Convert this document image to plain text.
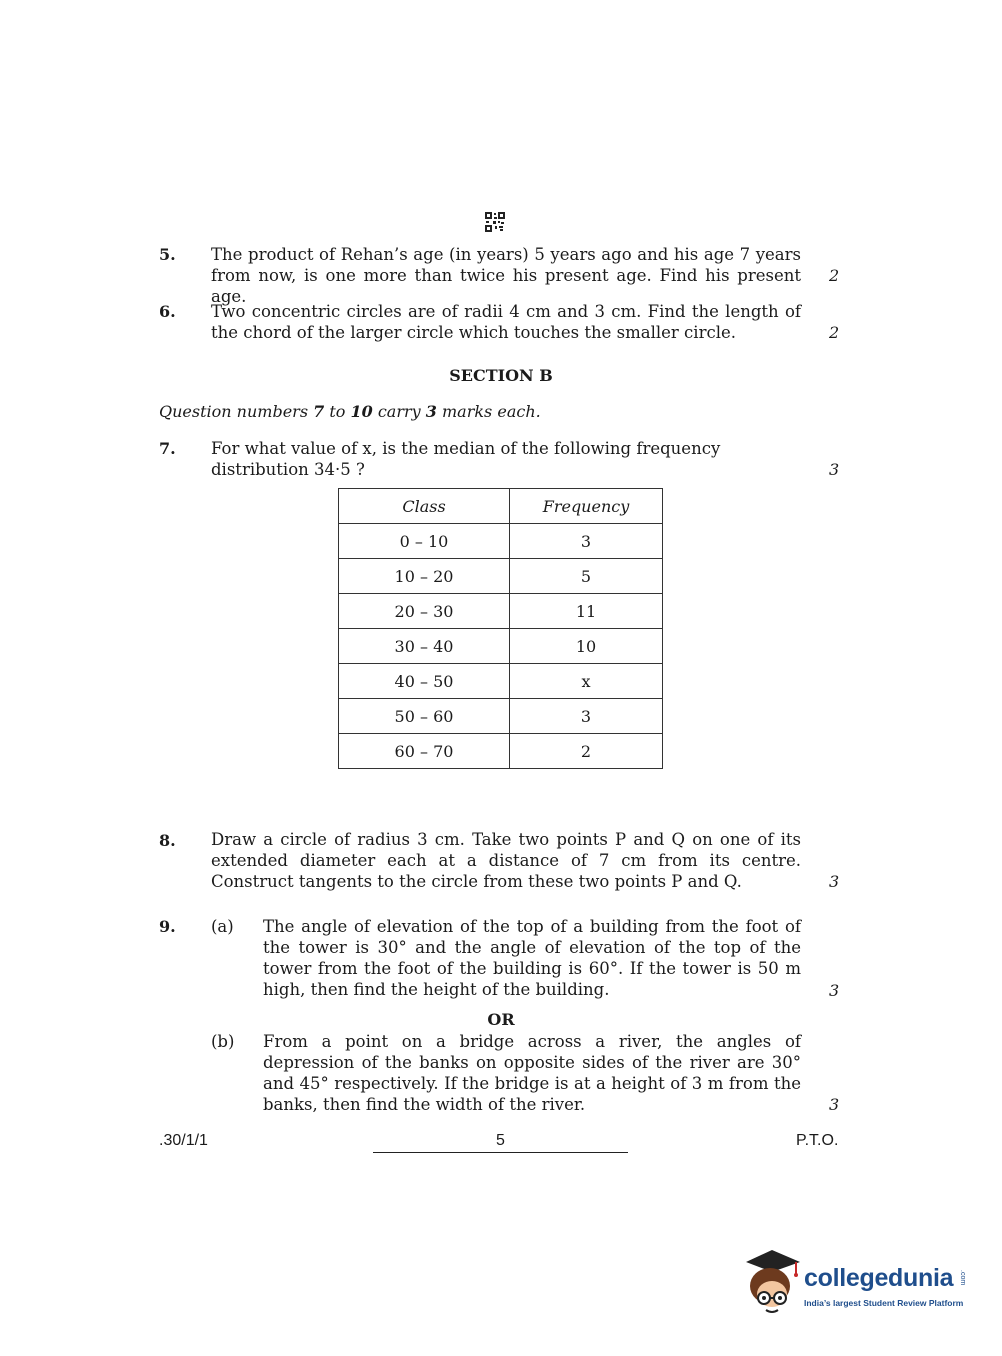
5. The product of Rehan’s age (in years) 5 years ago and his age 7 years from now, is one more than twice his present age. Find his present age.
2
6. Two concentric circles are of radii 4 cm and 3 cm. Find the length of the chord of the larger circle which touches the smaller circle.	2
SECTION B
Question numbers 7 to 10 carry 3 marks each.
7. For what value of x, is the median of the following frequency distribution 34·5 ?	3
Class	Frequency
0 – 10	3
10 – 20	5
20 – 30	11
30 – 40	10
40 – 50	x
50 – 60	3
60 – 70	2
8. Draw a circle of radius 3 cm. Take two points P and Q on one of its extended diameter each at a distance of 7 cm from its centre. Construct tangents to the circle from these two points P and Q.	3
9. (a) The angle of elevation of the top of a building from the foot of the tower is 30° and the angle of elevation of the top of the tower from the foot of the building is 60°. If the tower is 50 m high, then find the height of the building.	3
OR
(b) From a point on a bridge across a river, the angles of depression of the banks on opposite sides of the river are 30° and 45° respectively. If the bridge is at a height of 3 m from the banks, then find the width of the river.	3
.30/1/1	5	P.T.O.
collegedunia .com
India’s largest Student Review Platform
